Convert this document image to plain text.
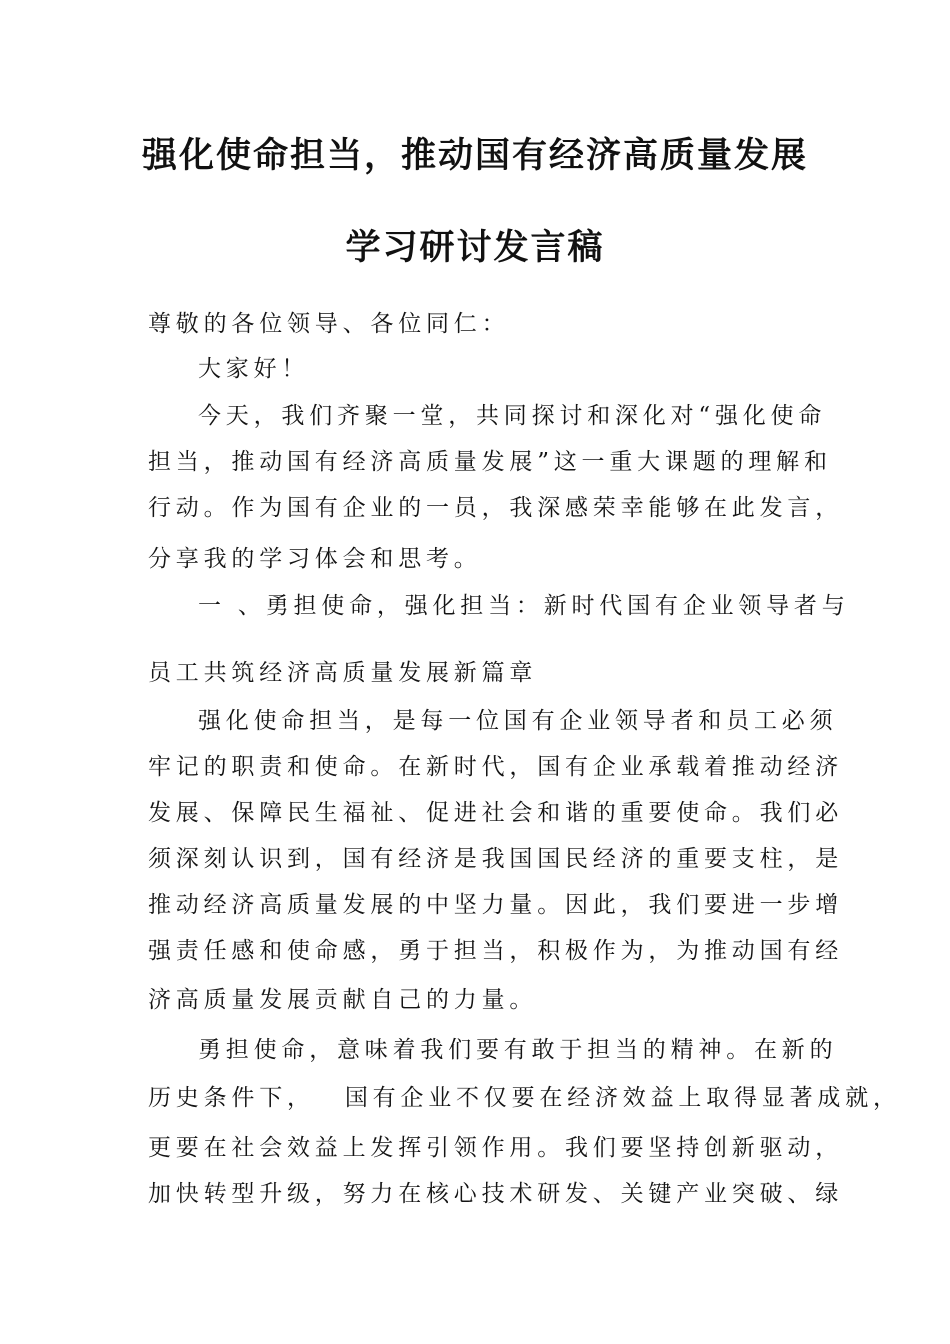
强化使命担当，推动国有经济高质量发展
学习研讨发言稿
尊敬的各位领导、各位同仁：
大家好！
今天，我们齐聚一堂，共同探讨和深化对“强化使命
担当，推动国有经济高质量发展”这一重大课题的理解和
行动。作为国有企业的一员，我深感荣幸能够在此发言，
分享我的学习体会和思考。
一 、勇担使命，强化担当：新时代国有企业领导者与
员工共筑经济高质量发展新篇章
强化使命担当，是每一位国有企业领导者和员工必须
牢记的职责和使命。在新时代，国有企业承载着推动经济
发展、保障民生福祉、促进社会和谐的重要使命。我们必
须深刻认识到，国有经济是我国国民经济的重要支柱，是
推动经济高质量发展的中坚力量。因此，我们要进一步增
强责任感和使命感，勇于担当，积极作为，为推动国有经
济高质量发展贡献自己的力量。
勇担使命，意味着我们要有敢于担当的精神。在新的
历史条件下， 国有企业不仅要在经济效益上取得显著成就，
更要在社会效益上发挥引领作用。我们要坚持创新驱动，
加快转型升级，努力在核心技术研发、关键产业突破、绿
